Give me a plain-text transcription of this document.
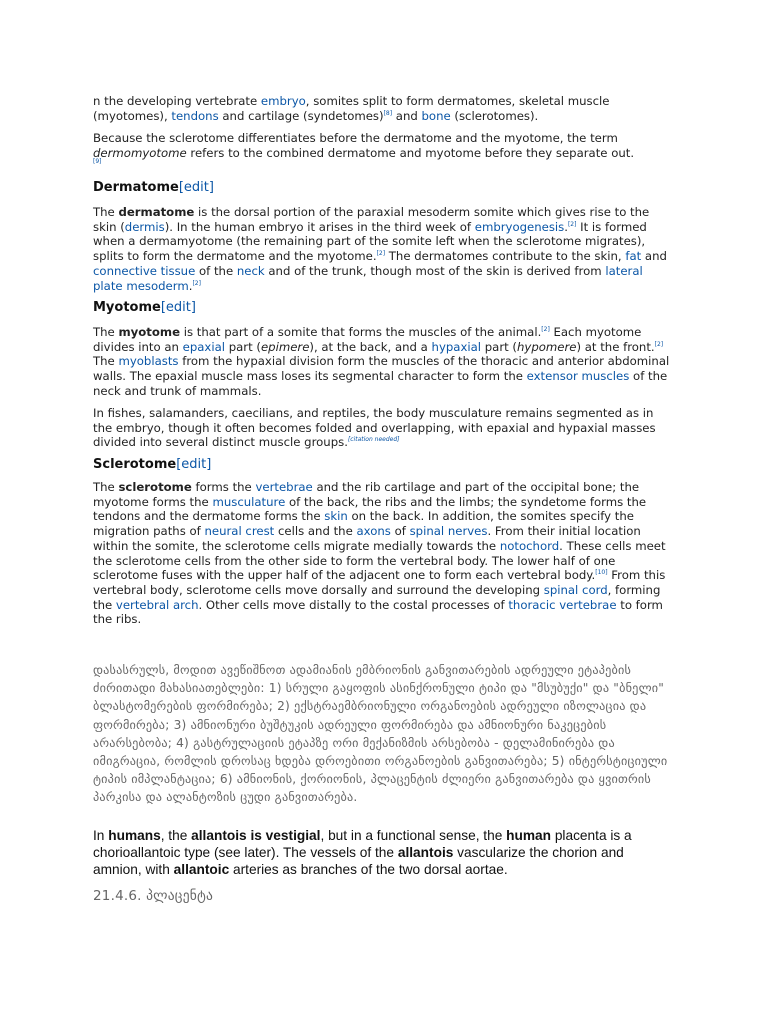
n the developing vertebrate embryo, somites split to form dermatomes, skeletal muscle (myotomes), tendons and cartilage (syndetomes)[8] and bone (sclerotomes).

Because the sclerotome differentiates before the dermatome and the myotome, the term dermomyotome refers to the combined dermatome and myotome before they separate out.
[9]

Dermatome[edit]

The dermatome is the dorsal portion of the paraxial mesoderm somite which gives rise to the skin (dermis). In the human embryo it arises in the third week of embryogenesis.[2] It is formed when a dermamyotome (the remaining part of the somite left when the sclerotome migrates), splits to form the dermatome and the myotome.[2] The dermatomes contribute to the skin, fat and connective tissue of the neck and of the trunk, though most of the skin is derived from lateral plate mesoderm.[2]

Myotome[edit]

The myotome is that part of a somite that forms the muscles of the animal.[2] Each myotome divides into an epaxial part (epimere), at the back, and a hypaxial part (hypomere) at the front.[2] The myoblasts from the hypaxial division form the muscles of the thoracic and anterior abdominal walls. The epaxial muscle mass loses its segmental character to form the extensor muscles of the neck and trunk of mammals.

In fishes, salamanders, caecilians, and reptiles, the body musculature remains segmented as in the embryo, though it often becomes folded and overlapping, with epaxial and hypaxial masses divided into several distinct muscle groups.[citation needed]

Sclerotome[edit]

The sclerotome forms the vertebrae and the rib cartilage and part of the occipital bone; the myotome forms the musculature of the back, the ribs and the limbs; the syndetome forms the tendons and the dermatome forms the skin on the back. In addition, the somites specify the migration paths of neural crest cells and the axons of spinal nerves. From their initial location within the somite, the sclerotome cells migrate medially towards the notochord. These cells meet the sclerotome cells from the other side to form the vertebral body. The lower half of one sclerotome fuses with the upper half of the adjacent one to form each vertebral body.[10] From this vertebral body, sclerotome cells move dorsally and surround the developing spinal cord, forming the vertebral arch. Other cells move distally to the costal processes of thoracic vertebrae to form the ribs.

დასასრულს, მოდით ავეწიშნოთ ადამიანის ემბრიონის განვითარების ადრეული ეტაპების ძირითადი მახასიათებლები: 1) სრული გაყოფის ასინქრონული ტიპი და "მსუბუქი" და "ბნელი" ბლასტომერების ფორმირება; 2) ექსტრაემბრიონული ორგანოების ადრეული იზოლაცია და ფორმირება; 3) ამნიონური ბუშტუკის ადრეული ფორმირება და ამნიონური ნაკეცების არარსებობა; 4) გასტრულაციის ეტაპზე ორი მექანიზმის არსებობა - დელამინირება და იმიგრაცია, რომლის დროსაც ხდება დროებითი ორგანოების განვითარება; 5) ინტერსტიციული ტიპის იმპლანტაცია; 6) ამნიონის, ქორიონის, პლაცენტის ძლიერი განვითარება და ყვითრის პარკისა და ალანტოზის ცუდი განვითარება.

In humans, the allantois is vestigial, but in a functional sense, the human placenta is a chorioallantoic type (see later). The vessels of the allantois vascularize the chorion and amnion, with allantoic arteries as branches of the two dorsal aortae.

21.4.6. პლაცენტა
